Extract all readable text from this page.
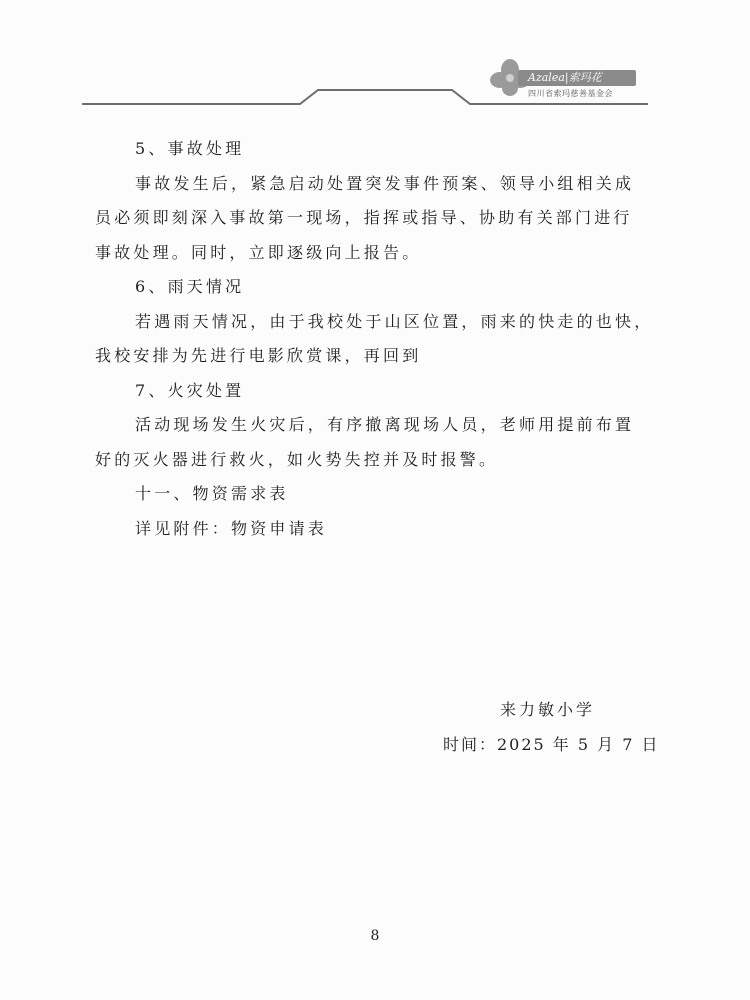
Azalea|索玛花
四川省索玛慈善基金会
5、事故处理
事故发生后，紧急启动处置突发事件预案、领导小组相关成
员必须即刻深入事故第一现场，指挥或指导、协助有关部门进行
事故处理。同时，立即逐级向上报告。
6、雨天情况
若遇雨天情况，由于我校处于山区位置，雨来的快走的也快，
我校安排为先进行电影欣赏课，再回到
7、火灾处置
活动现场发生火灾后，有序撤离现场人员，老师用提前布置
好的灭火器进行救火，如火势失控并及时报警。
十一、物资需求表
详见附件：物资申请表
来力敏小学
时间：2025 年 5 月 7 日
8
